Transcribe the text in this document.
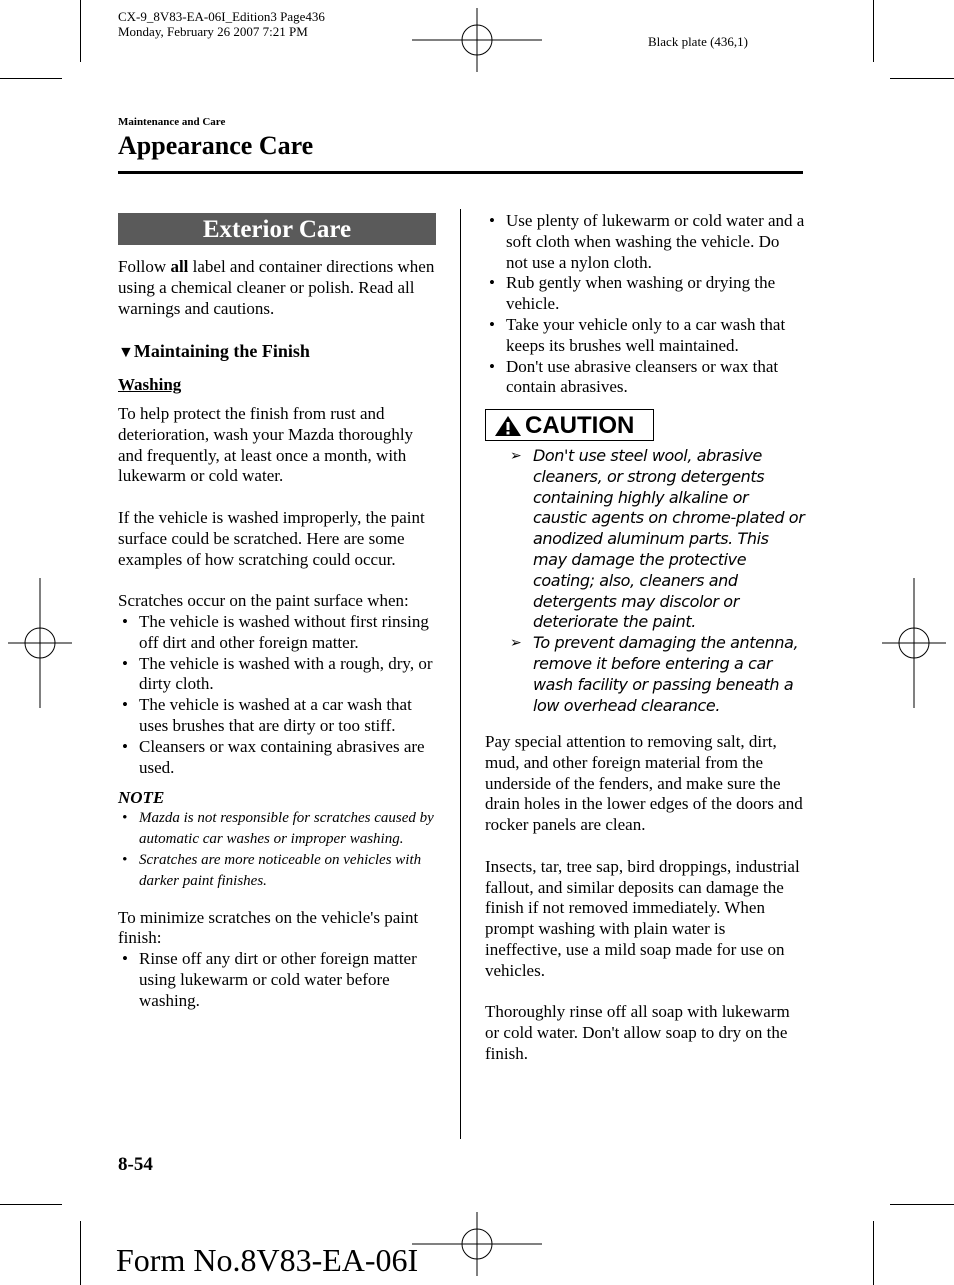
CX-9_8V83-EA-06I_Edition3 Page436
Monday, February 26 2007 7:21 PM
Black plate (436,1)
Maintenance and Care
Appearance Care
Exterior Care

Follow all label and container directions when using a chemical cleaner or polish. Read all warnings and cautions.

▼Maintaining the Finish

Washing

To help protect the finish from rust and deterioration, wash your Mazda thoroughly and frequently, at least once a month, with lukewarm or cold water.

If the vehicle is washed improperly, the paint surface could be scratched. Here are some examples of how scratching could occur.

Scratches occur on the paint surface when:

• The vehicle is washed without first rinsing off dirt and other foreign matter.
• The vehicle is washed with a rough, dry, or dirty cloth.
• The vehicle is washed at a car wash that uses brushes that are dirty or too stiff.
• Cleansers or wax containing abrasives are used.
NOTE
• Mazda is not responsible for scratches caused by automatic car washes or improper washing.
• Scratches are more noticeable on vehicles with darker paint finishes.

To minimize scratches on the vehicle's paint finish:

• Rinse off any dirt or other foreign matter using lukewarm or cold water before washing.
• Use plenty of lukewarm or cold water and a soft cloth when washing the vehicle. Do not use a nylon cloth.
• Rub gently when washing or drying the vehicle.
• Take your vehicle only to a car wash that keeps its brushes well maintained.
• Don't use abrasive cleansers or wax that contain abrasives.
CAUTION
➢ Don't use steel wool, abrasive cleaners, or strong detergents containing highly alkaline or caustic agents on chrome-plated or anodized aluminum parts. This may damage the protective coating; also, cleaners and detergents may discolor or deteriorate the paint.
➢ To prevent damaging the antenna, remove it before entering a car wash facility or passing beneath a low overhead clearance.

Pay special attention to removing salt, dirt, mud, and other foreign material from the underside of the fenders, and make sure the drain holes in the lower edges of the doors and rocker panels are clean.

Insects, tar, tree sap, bird droppings, industrial fallout, and similar deposits can damage the finish if not removed immediately. When prompt washing with plain water is ineffective, use a mild soap made for use on vehicles.

Thoroughly rinse off all soap with lukewarm or cold water. Don't allow soap to dry on the finish.

8-54
Form No.8V83-EA-06I
